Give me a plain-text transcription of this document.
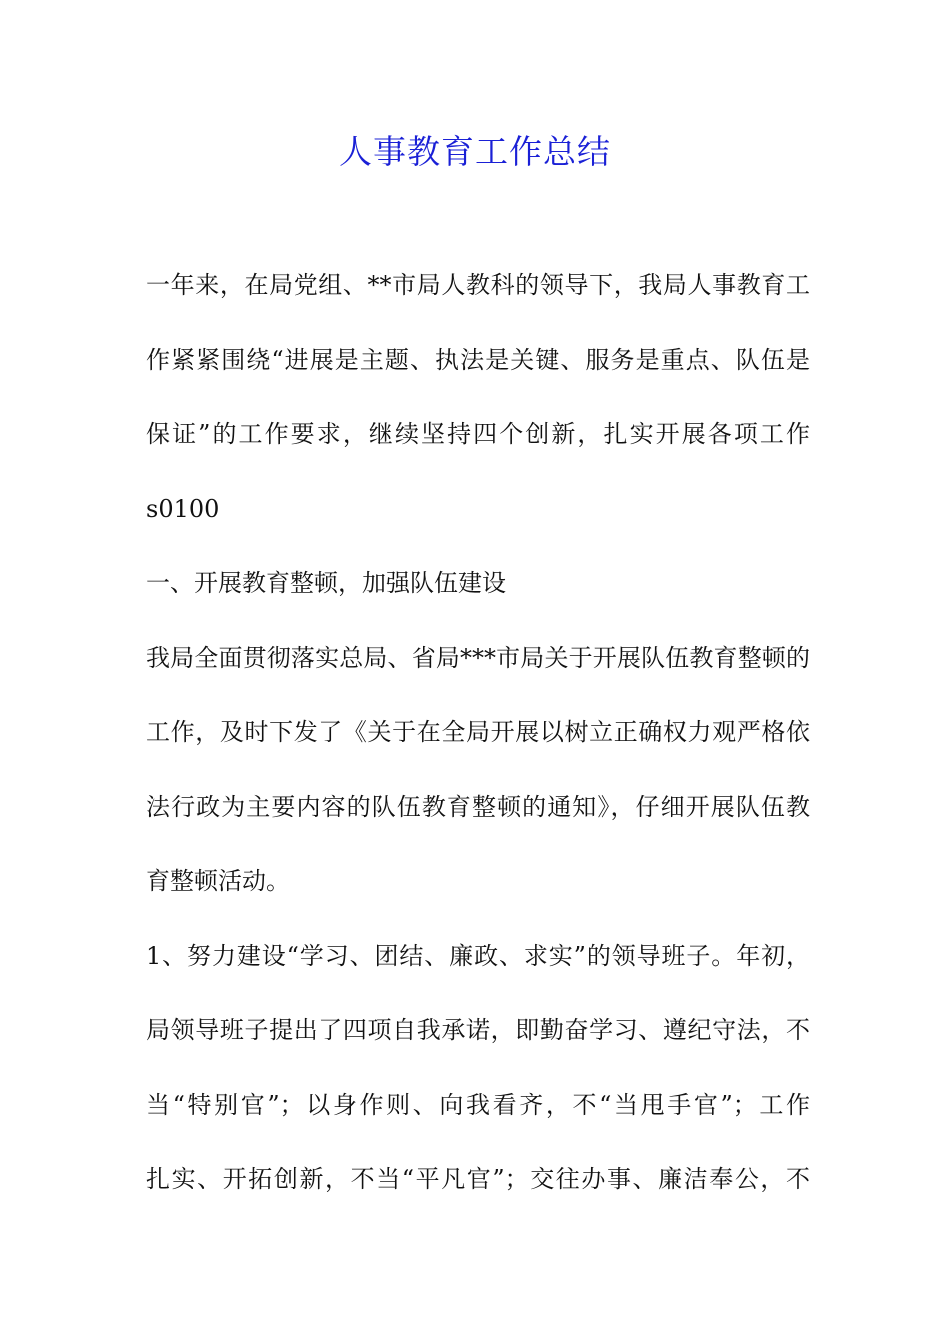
人事教育工作总结
一年来，在局党组、**市局人教科的领导下，我局人事教育工
作紧紧围绕“进展是主题、执法是关键、服务是重点、队伍是
保证”的工作要求，继续坚持四个创新，扎实开展各项工作
s0100
一、开展教育整顿，加强队伍建设
我局全面贯彻落实总局、省局***市局关于开展队伍教育整顿的
工作，及时下发了《关于在全局开展以树立正确权力观严格依
法行政为主要内容的队伍教育整顿的通知》，仔细开展队伍教
育整顿活动。
1、努力建设“学习、团结、廉政、求实”的领导班子。年初，
局领导班子提出了四项自我承诺，即勤奋学习、遵纪守法，不
当“特别官”；以身作则、向我看齐，不“当甩手官”；工作
扎实、开拓创新，不当“平凡官”；交往办事、廉洁奉公，不
